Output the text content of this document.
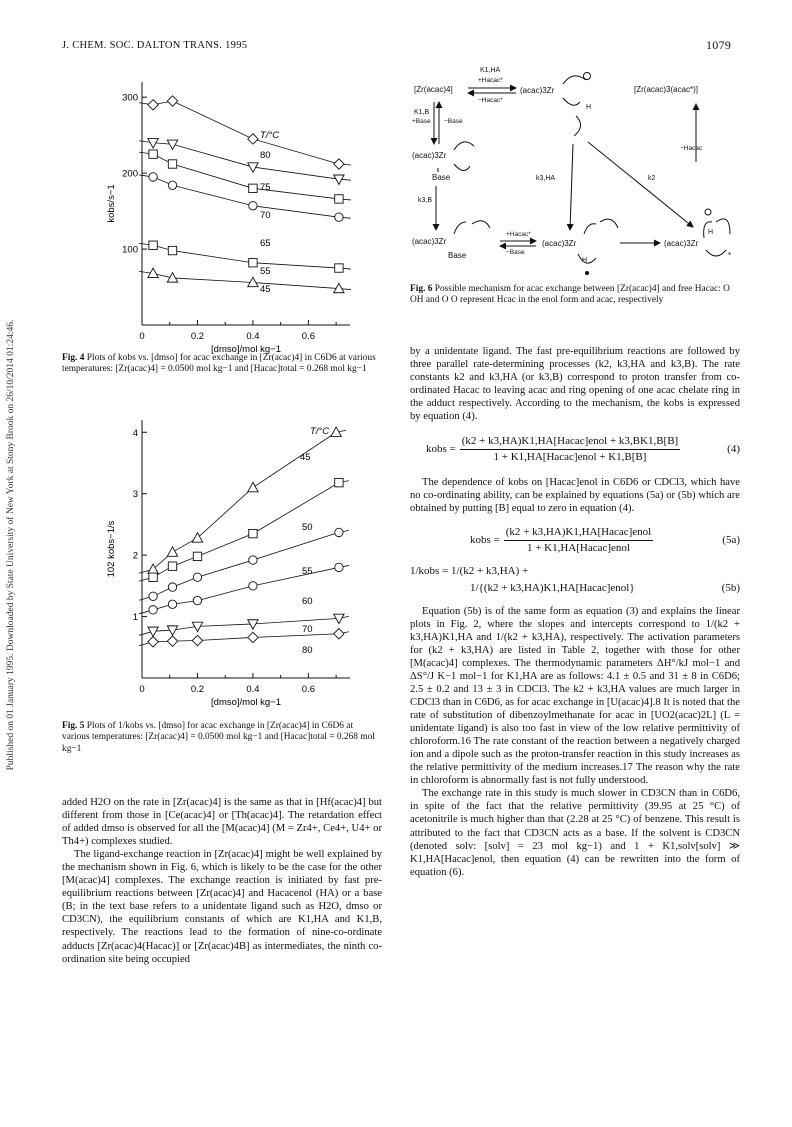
J. CHEM. SOC. DALTON TRANS. 1995	1079
Published on 01 January 1995. Downloaded by State University of New York at Stony Brook on 26/10/2014 01:24:46.	0	0.2	0.4	0.6
100
200
300
[dmso]/mol kg−1
kobs/s−1
T/°C
80
75
70
65
55
45
Fig. 4 Plots of kobs vs. [dmso] for acac exchange in [Zr(acac)4] in C6D6 at various temperatures: [Zr(acac)4] = 0.0500 mol kg−1 and [Hacac]total = 0.268 mol kg−1
0	0.2	0.4	0.6
1
2
3
4
[dmso]/mol kg−1
102 kobs−1/s
T/°C
45
50
55
60
70
80
Fig. 5 Plots of 1/kobs vs. [dmso] for acac exchange in [Zr(acac)4] in C6D6 at various temperatures: [Zr(acac)4] = 0.0500 mol kg−1 and [Hacac]total = 0.268 mol kg−1
[Zr(acac)4]
K1,HA
+Hacac*
−Hacac*
(acac)3Zr
H
[Zr(acac)3(acac*)]
K1,B
+Base −Base
(acac)3Zr
Base
k3,B
k3,HA	k2
−Hacac
(acac)3Zr
Base
+Hacac*
−Base
(acac)3Zr
H
(acac)3Zr
H
*
Fig. 6 Possible mechanism for acac exchange between [Zr(acac)4] and free Hacac: O OH and O O represent Hcac in the enol form and acac, respectively

added H2O on the rate in [Zr(acac)4] is the same as that in [Hf(acac)4] but different from those in [Ce(acac)4] or [Th(acac)4]. The retardation effect of added dmso is observed for all the [M(acac)4] (M = Zr4+, Ce4+, U4+ or Th4+) complexes studied.

The ligand-exchange reaction in [Zr(acac)4] might be well explained by the mechanism shown in Fig. 6, which is likely to be the case for the other [M(acac)4] complexes. The exchange reaction is initiated by fast pre-equilibrium reactions between [Zr(acac)4] and Hacacenol (HA) or a base (B; in the text base refers to a unidentate ligand such as H2O, dmso or CD3CN), the equilibrium constants of which are K1,HA and K1,B, respectively. The reactions lead to the formation of nine-co-ordinate adducts [Zr(acac)4(Hacac)] or [Zr(acac)4B] as intermediates, the ninth co-ordination site being occupied

by a unidentate ligand. The fast pre-equilibrium reactions are followed by three parallel rate-determining processes (k2, k3,HA and k3,B). The rate constants k2 and k3,HA (or k3,B) correspond to proton transfer from co-ordinated Hacac to leaving acac and ring opening of one acac chelate ring in the adduct respectively. According to the mechanism, the kobs is expressed by equation (4).

kobs = $\frac{\text{(k2 + k3,HA)K1,HA[Hacac]enol + k3,BK1,B[B]}}{\text{1 + K1,HA[Hacac]enol + K1,B[B]}}$	(4)

The dependence of kobs on [Hacac]enol in C6D6 or CDCl3, which have no co-ordinating ability, can be explained by equations (5a) or (5b) which are obtained by putting [B] equal to zero in equation (4).

kobs = $\frac{\text{(k2 + k3,HA)K1,HA[Hacac]enol}}{\text{1 + K1,HA[Hacac]enol}}$	(5a)
1/kobs = 1/(k2 + k3,HA) +
1/{(k2 + k3,HA)K1,HA[Hacac]enol}	(5b)

Equation (5b) is of the same form as equation (3) and explains the linear plots in Fig. 2, where the slopes and intercepts correspond to 1/(k2 + k3,HA)K1,HA and 1/(k2 + k3,HA), respectively. The activation parameters for (k2 + k3,HA) are listed in Table 2, together with those for other [M(acac)4] complexes. The thermodynamic parameters ΔH°/kJ mol−1 and ΔS°/J K−1 mol−1 for K1,HA are as follows: 4.1 ± 0.5 and 31 ± 8 in C6D6; 2.5 ± 0.2 and 13 ± 3 in CDCl3. The k2 + k3,HA values are much larger in CDCl3 than in C6D6, as for acac exchange in [U(acac)4].8 It is noted that the rate of substitution of dibenzoylmethanate for acac in [UO2(acac)2L] (L = unidentate ligand) is also too fast in view of the low relative permittivity of chloroform.16 The rate constant of the reaction between a negatively charged ion and a dipole such as the proton-transfer reaction in this study increases as the relative permittivity of the medium increases.17 The reason why the rate in chloroform is abnormally fast is not fully understood.

The exchange rate in this study is much slower in CD3CN than in C6D6, in spite of the fact that the relative permittivity (39.95 at 25 °C) of acetonitrile is much higher than that (2.28 at 25 °C) of benzene. This result is attributed to the fact that CD3CN acts as a base. If the solvent is CD3CN (denoted solv: [solv] = 23 mol kg−1) and 1 + K1,solv[solv] ≫ K1,HA[Hacac]enol, then equation (4) can be rewritten into the form of equation (6).
